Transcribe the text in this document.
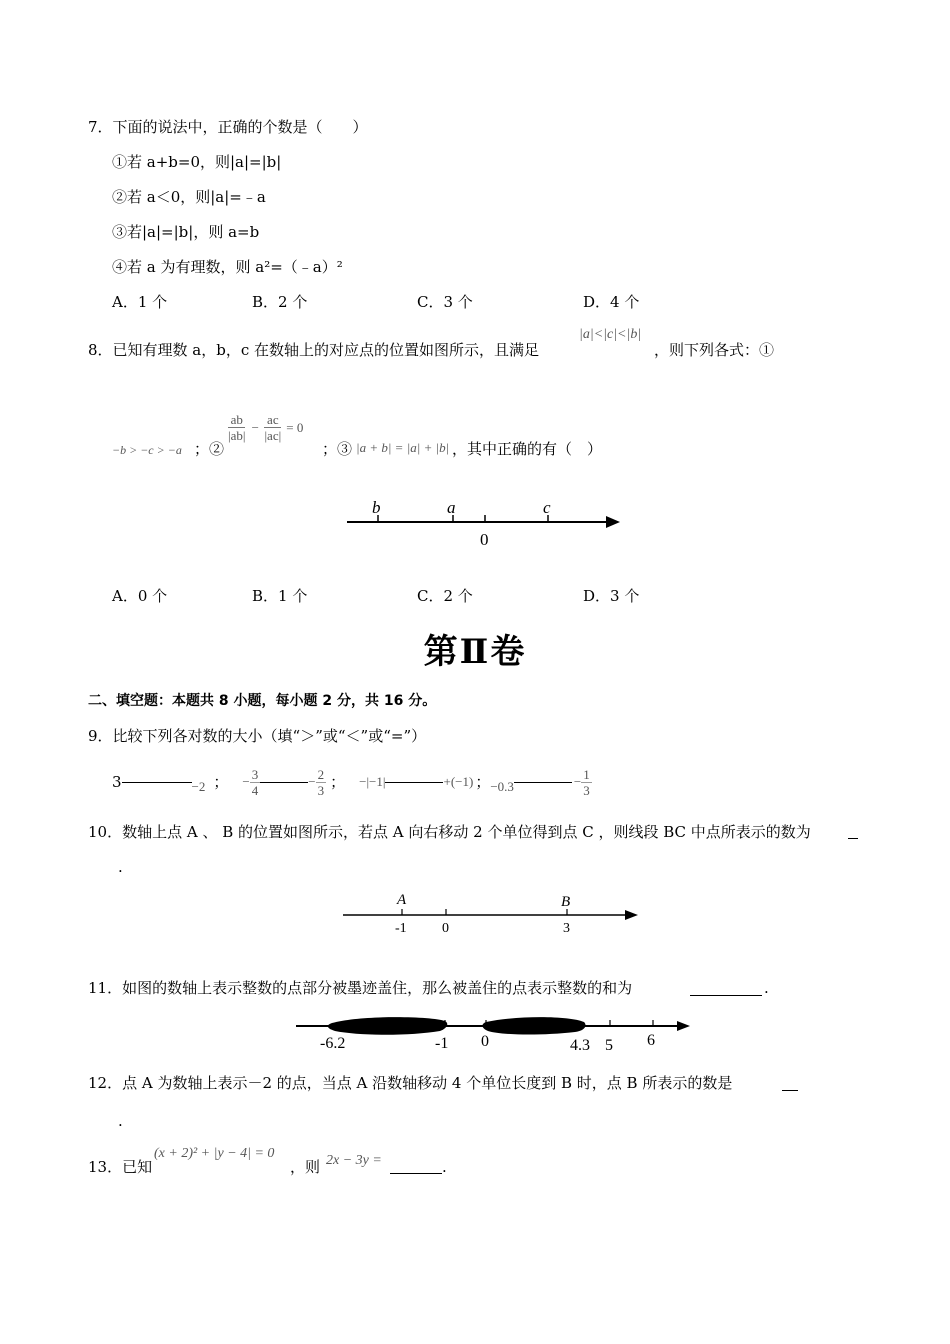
7．下面的说法中，正确的个数是（　　）
①若 a+b=0，则|a|=|b|
②若 a＜0，则|a|=﹣a
③若|a|=|b|，则 a=b
④若 a 为有理数，则 a²=（﹣a）²
A．1 个	B．2 个	C．3 个	D．4 个
8．已知有理数 a，b，c 在数轴上的对应点的位置如图所示，且满足
|a|<|c|<|b|
，则下列各式：①
−b > −c > −a ；②
$\frac{ab}{|ab|} - \frac{ac}{|ac|} = 0$
；③ |a + b| = |a| + |b| ，其中正确的有（　）
b	a
0
c
A．0 个	B．1 个	C．2 个	D．3 个
第Ⅱ卷
二、填空题：本题共 8 小题，每小题 2 分，共 16 分。
9．比较下列各对数的大小（填“＞”或“＜”或“=”）
3	−2 ； − $\frac{3}{4}$	− $\frac{2}{3}$ ； −|−1|	+(−1) ； −0.3	− $\frac{1}{3}$
10．数轴上点 A 、 B 的位置如图所示，若点 A 向右移动 2 个单位得到点 C ，则线段 BC 中点所表示的数为
.
A	B
-1	0	3
11．如图的数轴上表示整数的点部分被墨迹盖住，那么被盖住的点表示整数的和为	.
-6.2	-1 0	4.3 5 6
12．点 A 为数轴上表示－2 的点，当点 A 沿数轴移动 4 个单位长度到 B 时，点 B 所表示的数是
.
13．已知
(x + 2)² + |y − 4| = 0
，则 2x − 3y =	.
